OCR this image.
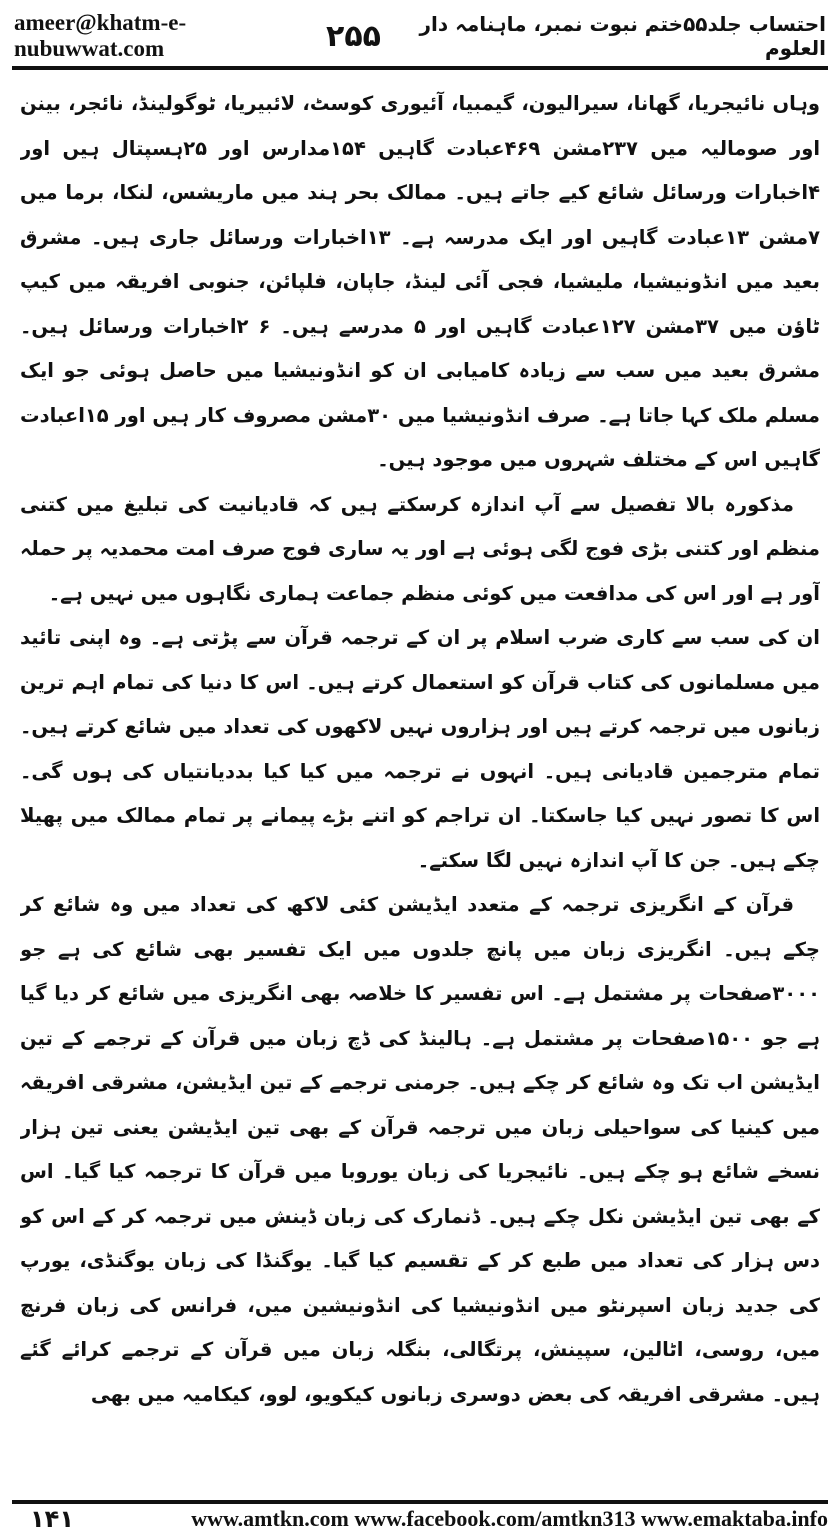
ameer@khatm-e-nubuwwat.com	۲۵۵	احتساب جلد۵۵ختم نبوت نمبر، ماہنامہ دار العلوم

وہاں نائیجریا، گھانا، سیرالیون، گیمبیا، آئیوری کوسٹ، لائبیریا، ٹوگولینڈ، نائجر، بینن اور صومالیہ میں ۲۳۷مشن ۴۶۹عبادت گاہیں ۱۵۴مدارس اور ۲۵ہسپتال ہیں اور ۴اخبارات ورسائل شائع کیے جاتے ہیں۔ ممالک بحر ہند میں ماریشس، لنکا، برما میں ۷مشن ۱۳عبادت گاہیں اور ایک مدرسہ ہے۔ ۱۳اخبارات ورسائل جاری ہیں۔ مشرق بعید میں انڈونیشیا، ملیشیا، فجی آئی لینڈ، جاپان، فلپائن، جنوبی افریقہ میں کیپ ٹاؤن میں ۳۷مشن ۱۲۷عبادت گاہیں اور ۵ مدرسے ہیں۔ ۶ ۲اخبارات ورسائل ہیں۔ مشرق بعید میں سب سے زیادہ کامیابی ان کو انڈونیشیا میں حاصل ہوئی جو ایک مسلم ملک کہا جاتا ہے۔ صرف انڈونیشیا میں ۳۰مشن مصروف کار ہیں اور ۱۵اعبادت گاہیں اس کے مختلف شہروں میں موجود ہیں۔

مذکورہ بالا تفصیل سے آپ اندازہ کرسکتے ہیں کہ قادیانیت کی تبلیغ میں کتنی منظم اور کتنی بڑی فوج لگی ہوئی ہے اور یہ ساری فوج صرف امت محمدیہ پر حملہ آور ہے اور اس کی مدافعت میں کوئی منظم جماعت ہماری نگاہوں میں نہیں ہے۔

ان کی سب سے کاری ضرب اسلام پر ان کے ترجمہ قرآن سے پڑتی ہے۔ وہ اپنی تائید میں مسلمانوں کی کتاب قرآن کو استعمال کرتے ہیں۔ اس کا دنیا کی تمام اہم ترین زبانوں میں ترجمہ کرتے ہیں اور ہزاروں نہیں لاکھوں کی تعداد میں شائع کرتے ہیں۔ تمام مترجمین قادیانی ہیں۔ انہوں نے ترجمہ میں کیا کیا بددیانتیاں کی ہوں گی۔ اس کا تصور نہیں کیا جاسکتا۔ ان تراجم کو اتنے بڑے پیمانے پر تمام ممالک میں پھیلا چکے ہیں۔ جن کا آپ اندازہ نہیں لگا سکتے۔

قرآن کے انگریزی ترجمہ کے متعدد ایڈیشن کئی لاکھ کی تعداد میں وہ شائع کر چکے ہیں۔ انگریزی زبان میں پانچ جلدوں میں ایک تفسیر بھی شائع کی ہے جو ۳۰۰۰صفحات پر مشتمل ہے۔ اس تفسیر کا خلاصہ بھی انگریزی میں شائع کر دیا گیا ہے جو ۱۵۰۰صفحات پر مشتمل ہے۔ ہالینڈ کی ڈچ زبان میں قرآن کے ترجمے کے تین ایڈیشن اب تک وہ شائع کر چکے ہیں۔ جرمنی ترجمے کے تین ایڈیشن، مشرقی افریقہ میں کینیا کی سواحیلی زبان میں ترجمہ قرآن کے بھی تین ایڈیشن یعنی تین ہزار نسخے شائع ہو چکے ہیں۔ نائیجریا کی زبان یوروبا میں قرآن کا ترجمہ کیا گیا۔ اس کے بھی تین ایڈیشن نکل چکے ہیں۔ ڈنمارک کی زبان ڈینش میں ترجمہ کر کے اس کو دس ہزار کی تعداد میں طبع کر کے تقسیم کیا گیا۔ یوگنڈا کی زبان یوگنڈی، یورپ کی جدید زبان اسپرنٹو میں انڈونیشیا کی انڈونیشین میں، فرانس کی زبان فرنچ میں، روسی، اٹالین، سپینش، پرتگالی، بنگلہ زبان میں قرآن کے ترجمے کرائے گئے ہیں۔ مشرقی افریقہ کی بعض دوسری زبانوں کیکویو، لوو، کیکامیہ میں بھی

۱۴۱	www.amtkn.com www.facebook.com/amtkn313 www.emaktaba.info
